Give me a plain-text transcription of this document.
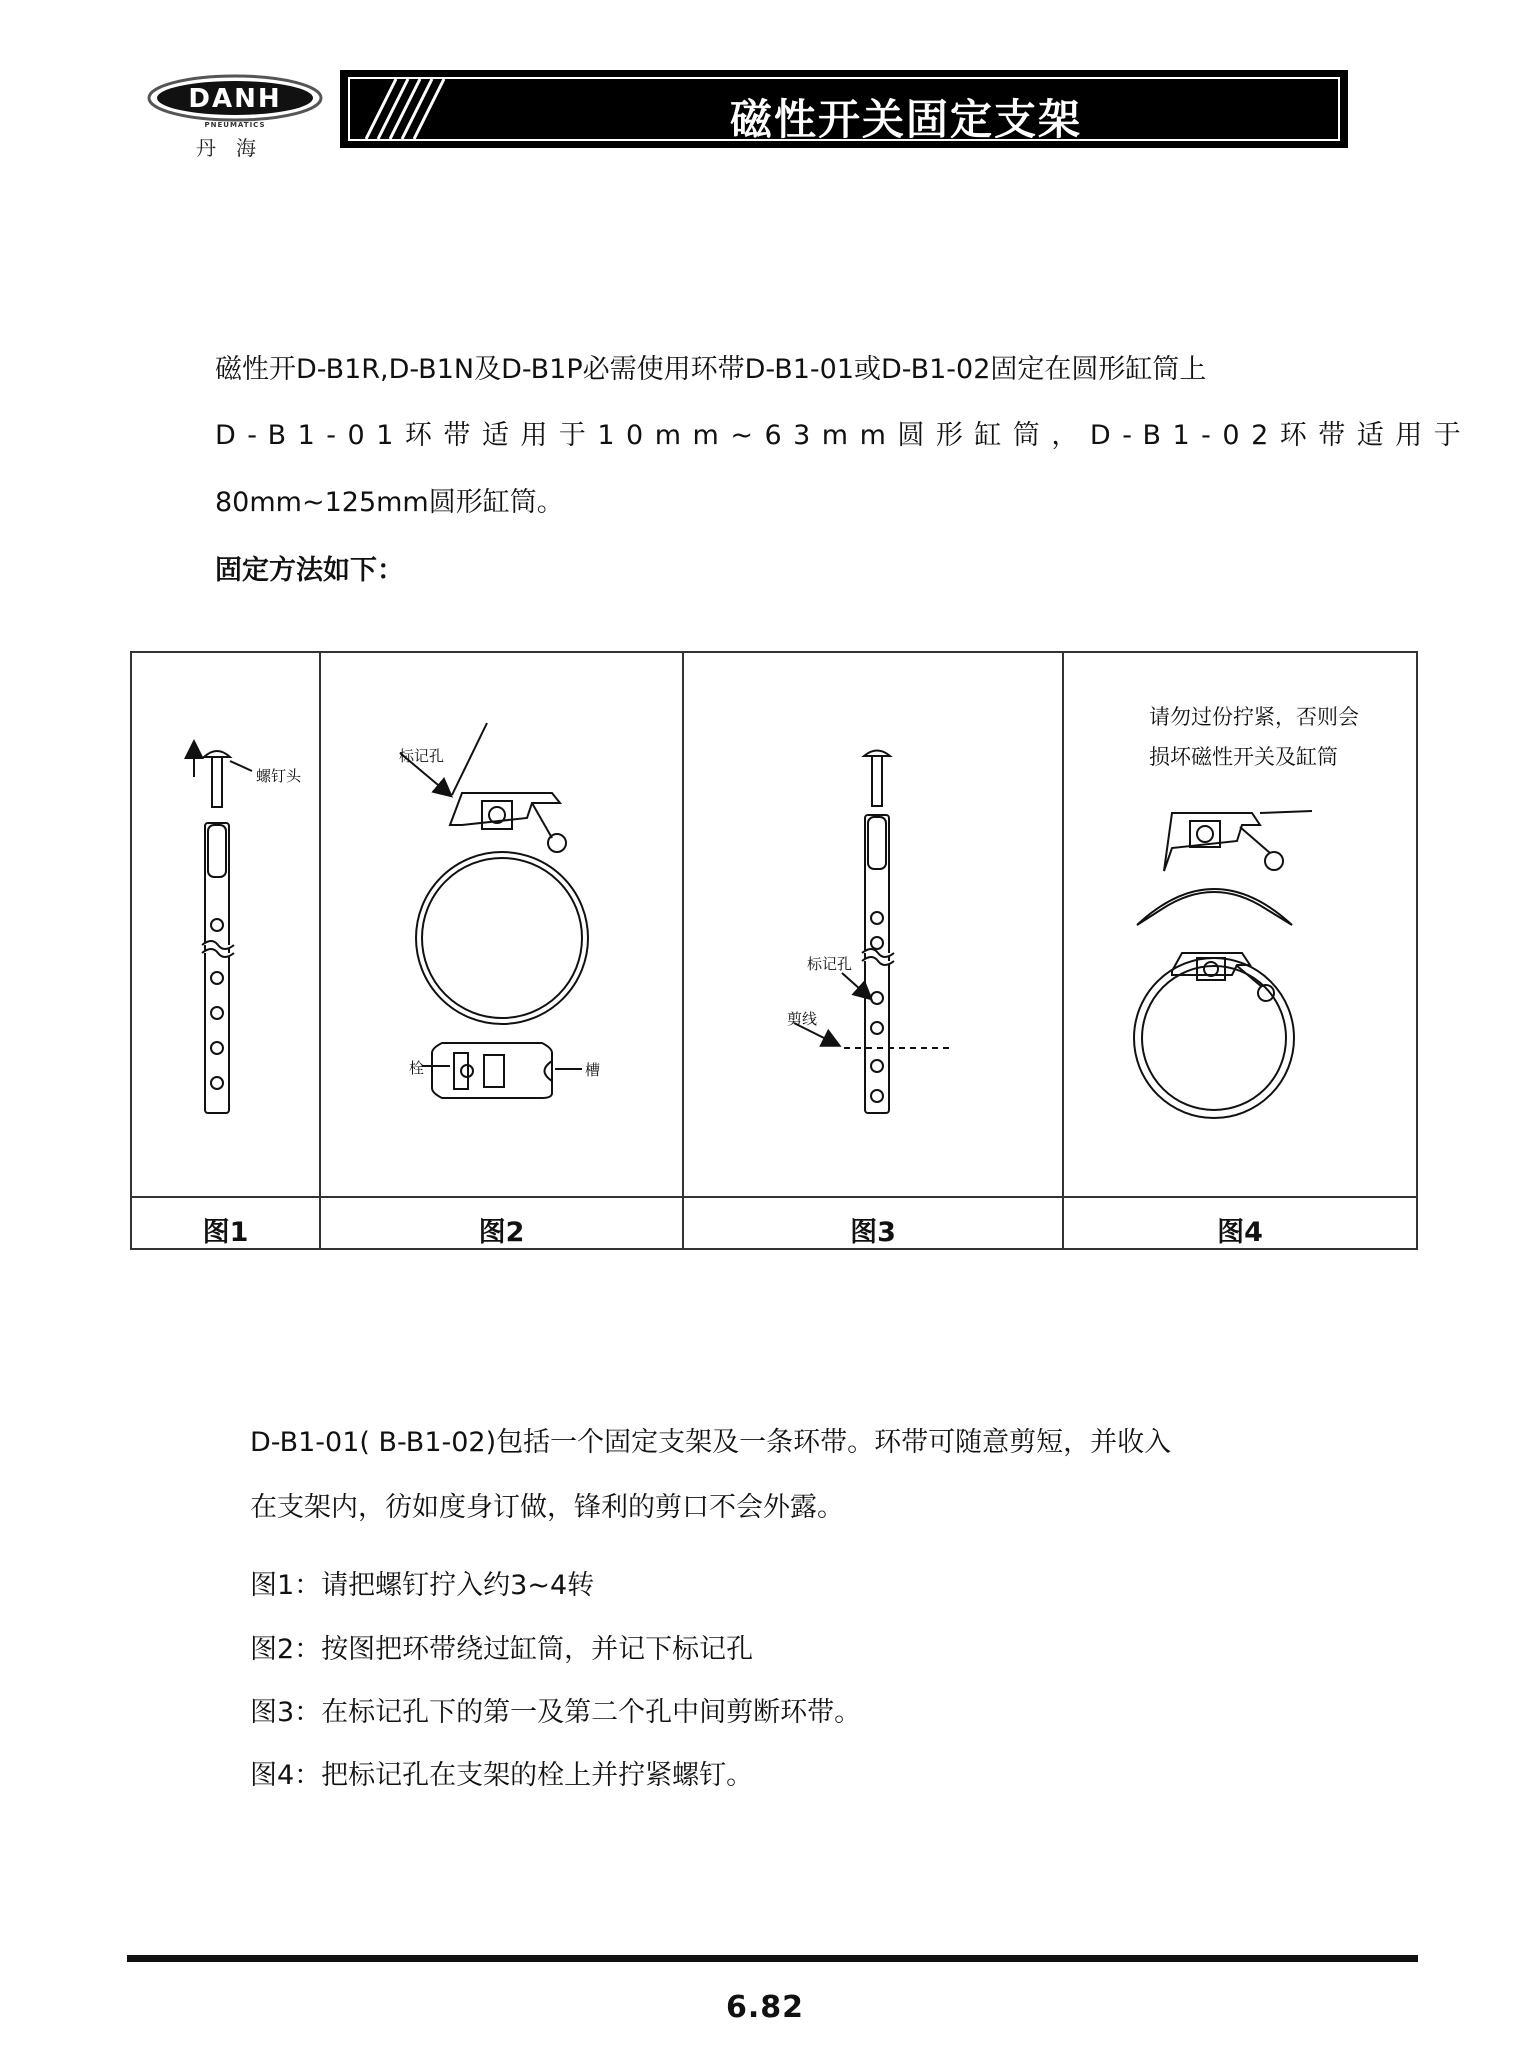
DANH
PNEUMATICS
丹海
磁性开关固定支架
磁性开D-B1R,D-B1N及D-B1P必需使用环带D-B1-01或D-B1-02固定在圆形缸筒上
D-B1-01环带适用于10mm~63mm圆形缸筒，D-B1-02环带适用于
80mm~125mm圆形缸筒。
固定方法如下：
螺钉头
标记孔
栓	槽
标记孔
剪线
请勿过份拧紧，否则会
损坏磁性开关及缸筒
图1	图2	图3	图4
D-B1-01( B-B1-02)包括一个固定支架及一条环带。环带可随意剪短，并收入
在支架内，彷如度身订做，锋利的剪口不会外露。
图1：请把螺钉拧入约3~4转
图2：按图把环带绕过缸筒，并记下标记孔
图3：在标记孔下的第一及第二个孔中间剪断环带。
图4：把标记孔在支架的栓上并拧紧螺钉。
6.82
